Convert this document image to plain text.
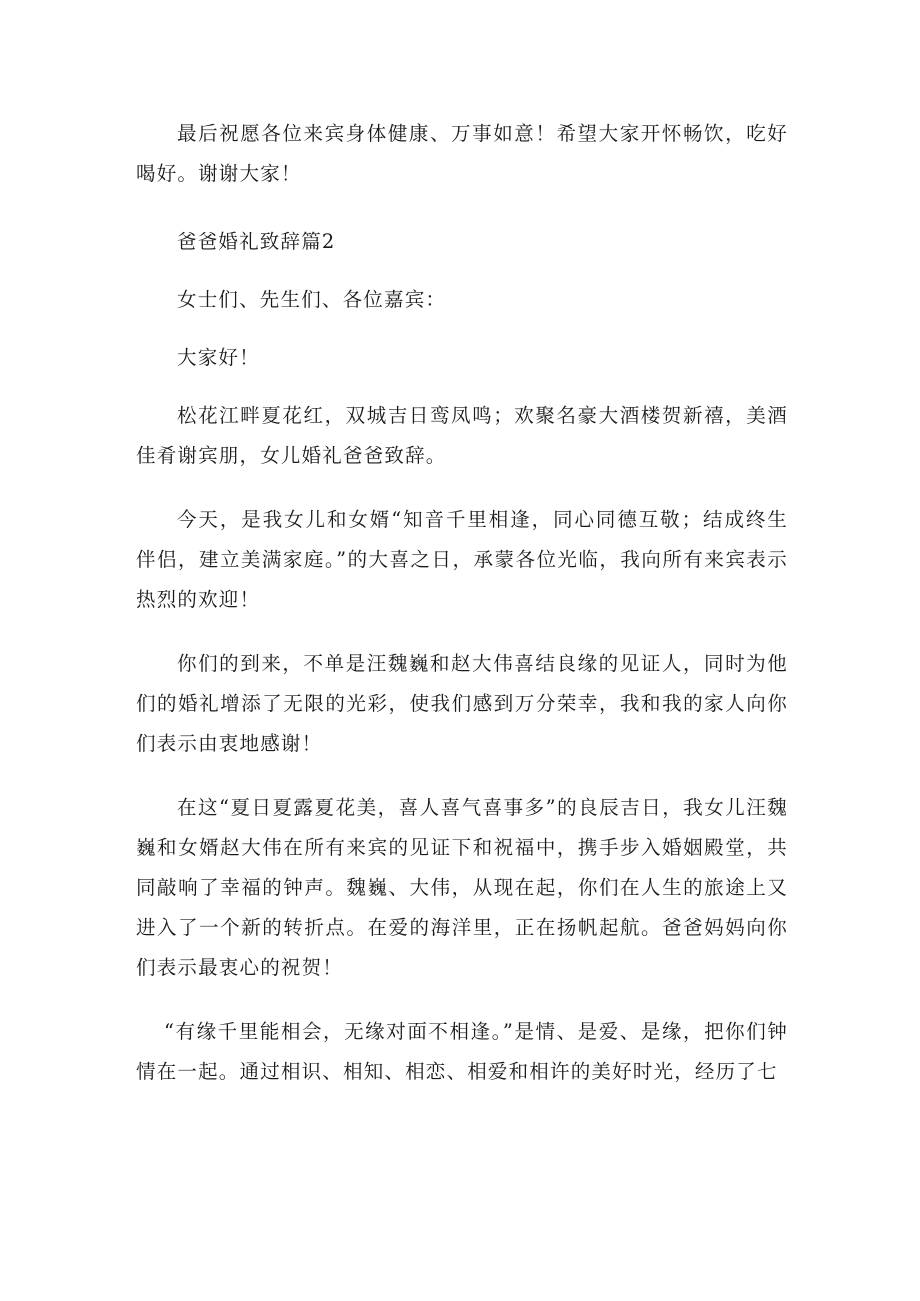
最后祝愿各位来宾身体健康、万事如意！希望大家开怀畅饮，吃好喝好。谢谢大家！

爸爸婚礼致辞篇2

女士们、先生们、各位嘉宾：

大家好！

松花江畔夏花红，双城吉日鸾凤鸣；欢聚名豪大酒楼贺新禧，美酒佳肴谢宾朋，女儿婚礼爸爸致辞。

今天，是我女儿和女婿“知音千里相逢，同心同德互敬；结成终生伴侣，建立美满家庭。”的大喜之日，承蒙各位光临，我向所有来宾表示热烈的欢迎！

你们的到来，不单是汪魏巍和赵大伟喜结良缘的见证人，同时为他们的婚礼增添了无限的光彩，使我们感到万分荣幸，我和我的家人向你们表示由衷地感谢！

在这“夏日夏露夏花美，喜人喜气喜事多”的良辰吉日，我女儿汪魏巍和女婿赵大伟在所有来宾的见证下和祝福中，携手步入婚姻殿堂，共同敲响了幸福的钟声。魏巍、大伟，从现在起，你们在人生的旅途上又进入了一个新的转折点。在爱的海洋里，正在扬帆起航。爸爸妈妈向你们表示最衷心的祝贺！

“有缘千里能相会，无缘对面不相逢。”是情、是爱、是缘，把你们钟情在一起。通过相识、相知、相恋、相爱和相许的美好时光，经历了七
